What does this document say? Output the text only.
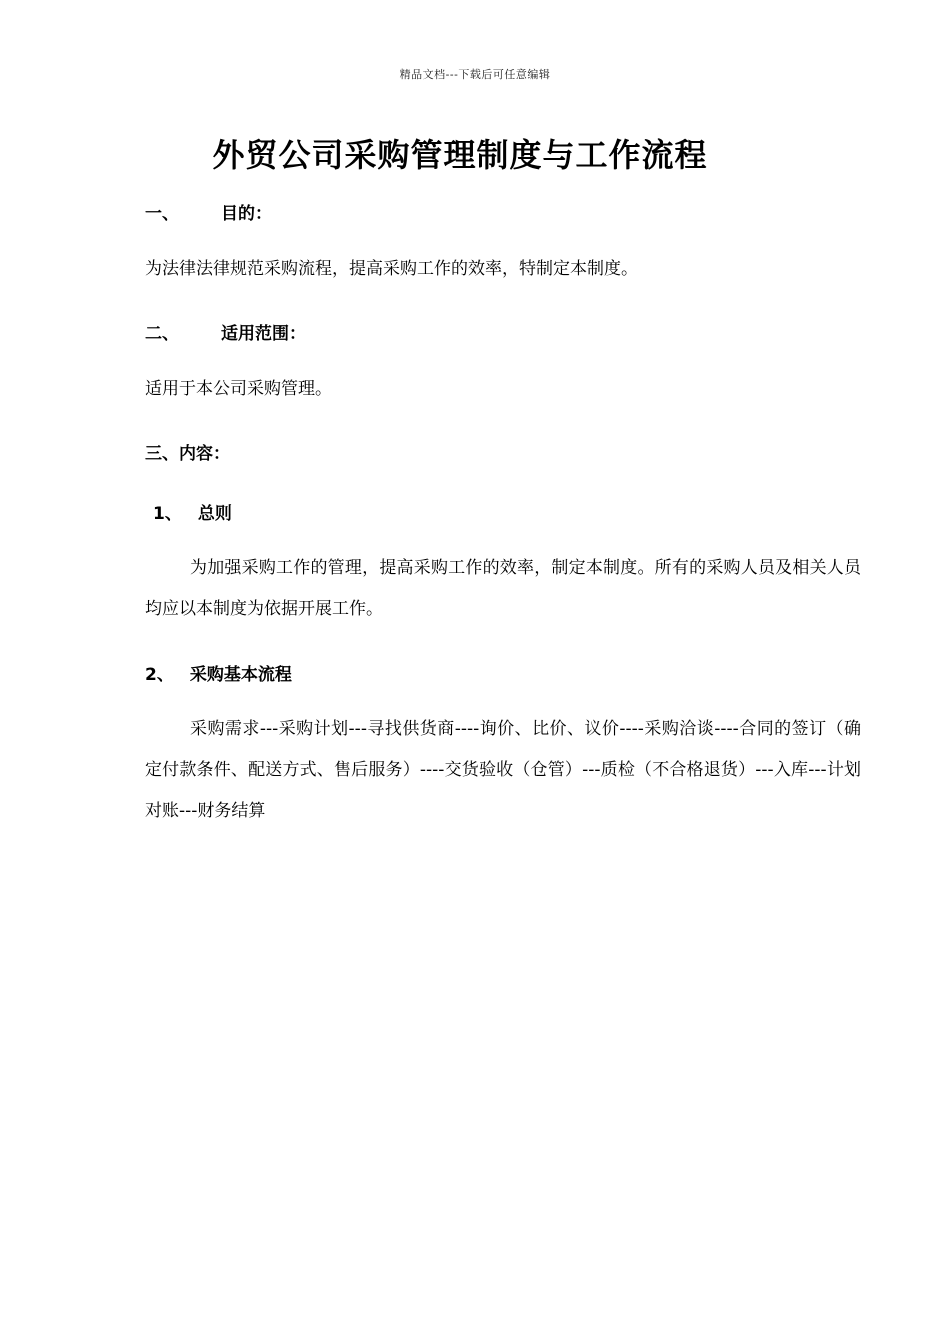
精品文档---下载后可任意编辑
外贸公司采购管理制度与工作流程
一、 目的：

为法律法律规范采购流程，提高采购工作的效率，特制定本制度。

二、 适用范围：

适用于本公司采购管理。

三、内容：
1、 总则

为加强采购工作的管理，提高采购工作的效率，制定本制度。所有的采购人员及相关人员均应以本制度为依据开展工作。

2、 采购基本流程

采购需求---采购计划---寻找供货商----询价、比价、议价----采购洽谈----合同的签订（确定付款条件、配送方式、售后服务）----交货验收（仓管）---质检（不合格退货）---入库---计划对账---财务结算
